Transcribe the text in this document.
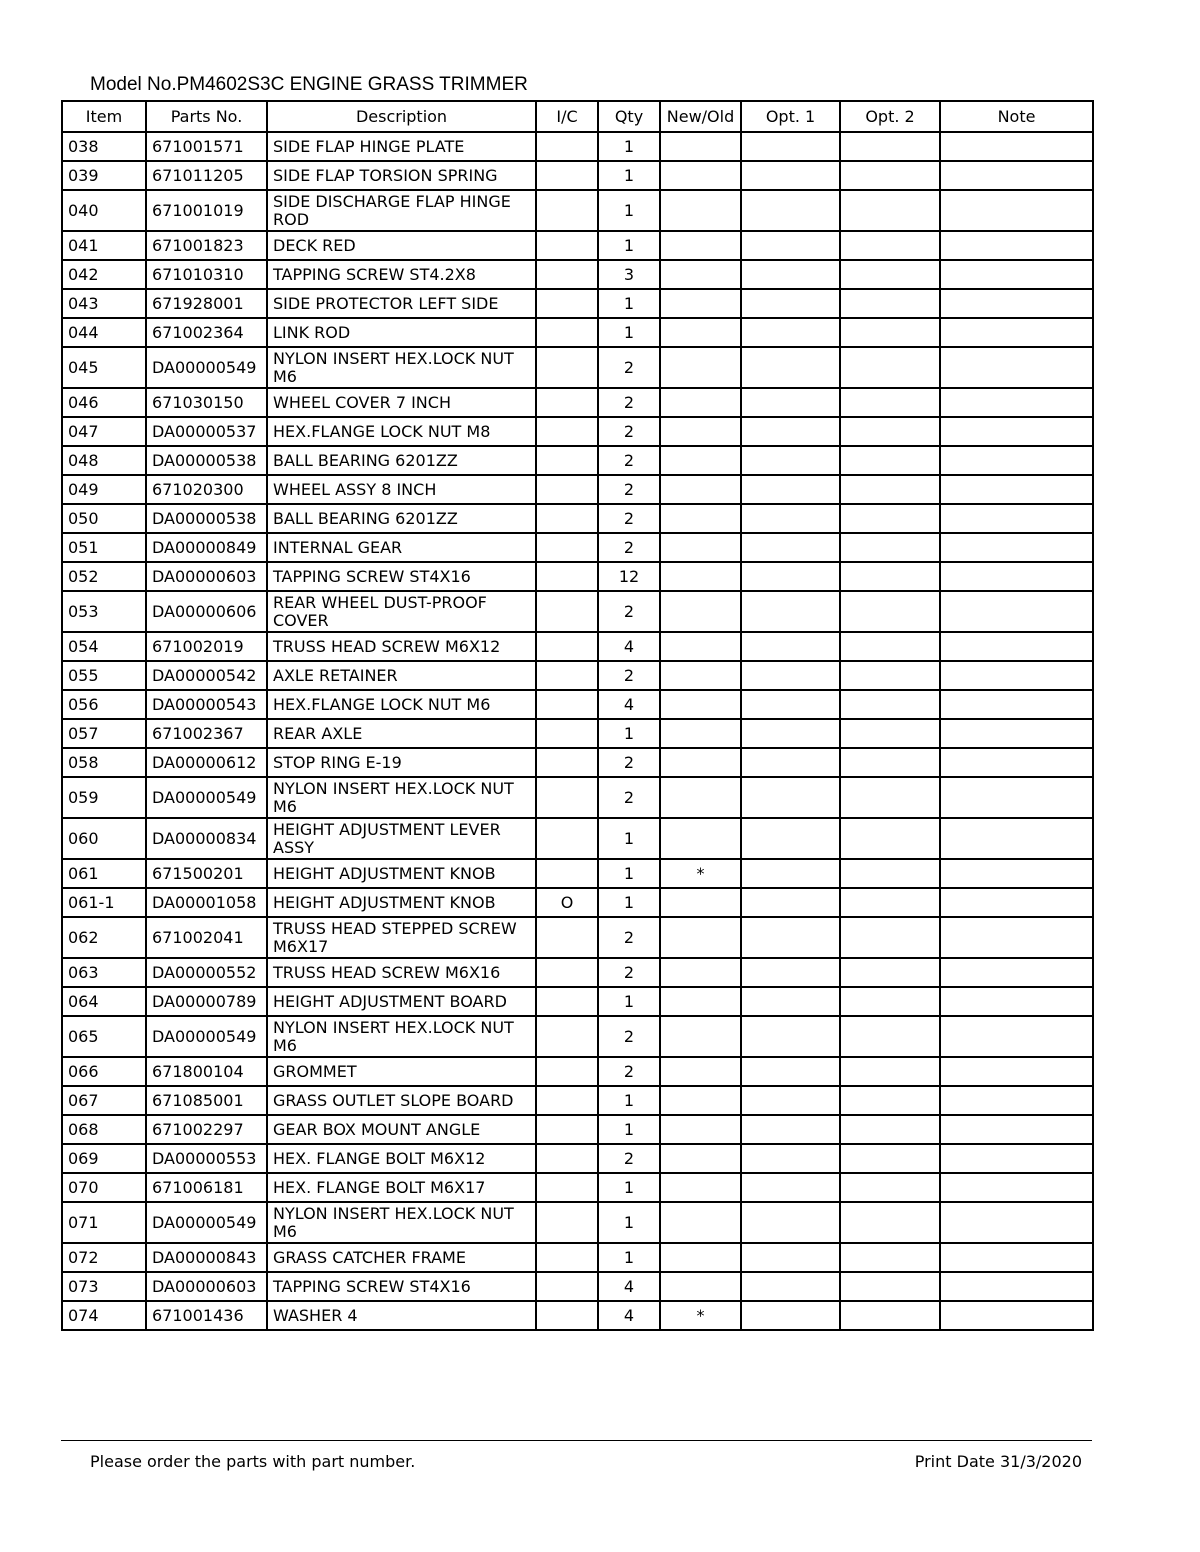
Model No.PM4602S3C ENGINE GRASS TRIMMER
Item	Parts No.	Description	I/C	Qty	New/Old	Opt. 1	Opt. 2	Note
038	671001571	SIDE FLAP HINGE PLATE		1				
039	671011205	SIDE FLAP TORSION SPRING		1				
040	671001019	SIDE DISCHARGE FLAP HINGE ROD		1				
041	671001823	DECK RED		1				
042	671010310	TAPPING SCREW ST4.2X8		3				
043	671928001	SIDE PROTECTOR LEFT SIDE		1				
044	671002364	LINK ROD		1				
045	DA00000549	NYLON INSERT HEX.LOCK NUT M6		2				
046	671030150	WHEEL COVER 7 INCH		2				
047	DA00000537	HEX.FLANGE LOCK NUT M8		2				
048	DA00000538	BALL BEARING 6201ZZ		2				
049	671020300	WHEEL ASSY 8 INCH		2				
050	DA00000538	BALL BEARING 6201ZZ		2				
051	DA00000849	INTERNAL GEAR		2				
052	DA00000603	TAPPING SCREW ST4X16		12				
053	DA00000606	REAR WHEEL DUST-PROOF COVER		2				
054	671002019	TRUSS HEAD SCREW M6X12		4				
055	DA00000542	AXLE RETAINER		2				
056	DA00000543	HEX.FLANGE LOCK NUT M6		4				
057	671002367	REAR AXLE		1				
058	DA00000612	STOP RING E-19		2				
059	DA00000549	NYLON INSERT HEX.LOCK NUT M6		2				
060	DA00000834	HEIGHT ADJUSTMENT LEVER ASSY		1				
061	671500201	HEIGHT ADJUSTMENT KNOB		1	*			
061-1	DA00001058	HEIGHT ADJUSTMENT KNOB	O	1				
062	671002041	TRUSS HEAD STEPPED SCREW M6X17		2				
063	DA00000552	TRUSS HEAD SCREW M6X16		2				
064	DA00000789	HEIGHT ADJUSTMENT BOARD		1				
065	DA00000549	NYLON INSERT HEX.LOCK NUT M6		2				
066	671800104	GROMMET		2				
067	671085001	GRASS OUTLET SLOPE BOARD		1				
068	671002297	GEAR BOX MOUNT ANGLE		1				
069	DA00000553	HEX. FLANGE BOLT M6X12		2				
070	671006181	HEX. FLANGE BOLT M6X17		1				
071	DA00000549	NYLON INSERT HEX.LOCK NUT M6		1				
072	DA00000843	GRASS CATCHER FRAME		1				
073	DA00000603	TAPPING SCREW ST4X16		4				
074	671001436	WASHER 4		4	*			
Please order the parts with part number.	Print Date 31/3/2020
